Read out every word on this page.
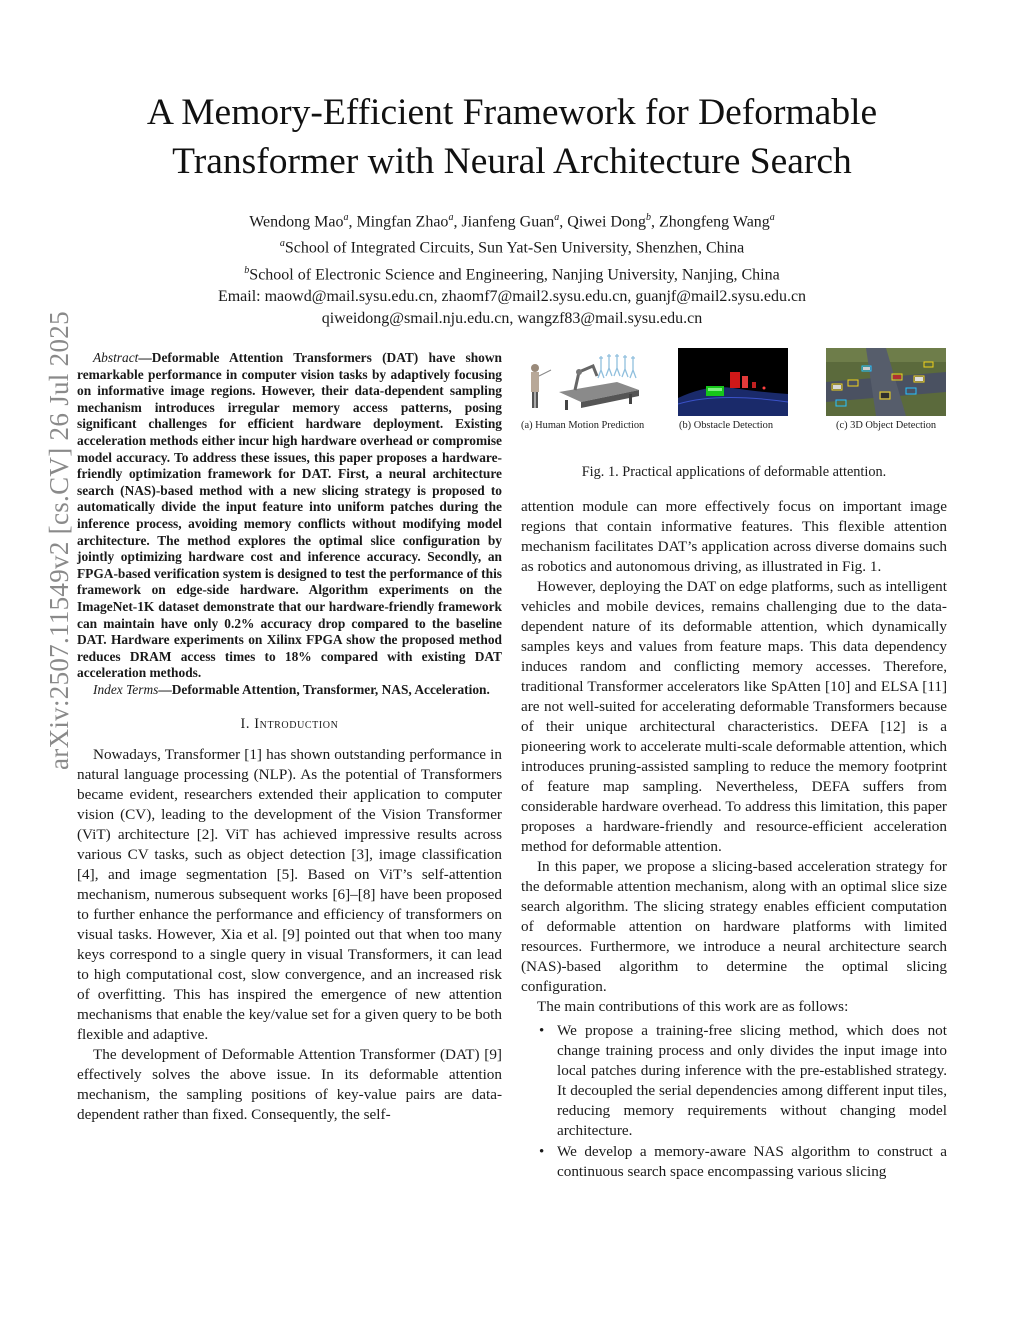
arXiv:2507.11549v2 [cs.CV] 26 Jul 2025
A Memory-Efficient Framework for Deformable
Transformer with Neural Architecture Search
Wendong Mao$^a$, Mingfan Zhao$^a$, Jianfeng Guan$^a$, Qiwei Dong$^b$, Zhongfeng Wang$^a$
$^a$School of Integrated Circuits, Sun Yat-Sen University, Shenzhen, China
$^b$School of Electronic Science and Engineering, Nanjing University, Nanjing, China
Email: maowd@mail.sysu.edu.cn, zhaomf7@mail2.sysu.edu.cn, guanjf@mail2.sysu.edu.cn
qiweidong@smail.nju.edu.cn, wangzf83@mail.sysu.edu.cn

Abstract—Deformable Attention Transformers (DAT) have shown remarkable performance in computer vision tasks by adaptively focusing on informative image regions. However, their data-dependent sampling mechanism introduces irregular memory access patterns, posing significant challenges for efficient hardware deployment. Existing acceleration methods either incur high hardware overhead or compromise model accuracy. To address these issues, this paper proposes a hardware-friendly optimization framework for DAT. First, a neural architecture search (NAS)-based method with a new slicing strategy is proposed to automatically divide the input feature into uniform patches during the inference process, avoiding memory conflicts without modifying model architecture. The method explores the optimal slice configuration by jointly optimizing hardware cost and inference accuracy. Secondly, an FPGA-based verification system is designed to test the performance of this framework on edge-side hardware. Algorithm experiments on the ImageNet-1K dataset demonstrate that our hardware-friendly framework can maintain have only 0.2% accuracy drop compared to the baseline DAT. Hardware experiments on Xilinx FPGA show the proposed method reduces DRAM access times to 18% compared with existing DAT acceleration methods.

Index Terms—Deformable Attention, Transformer, NAS, Acceleration.

I. Introduction

Nowadays, Transformer [1] has shown outstanding performance in natural language processing (NLP). As the potential of Transformers became evident, researchers extended their application to computer vision (CV), leading to the development of the Vision Transformer (ViT) architecture [2]. ViT has achieved impressive results across various CV tasks, such as object detection [3], image classification [4], and image segmentation [5]. Based on ViT’s self-attention mechanism, numerous subsequent works [6]–[8] have been proposed to further enhance the performance and efficiency of transformers on visual tasks. However, Xia et al. [9] pointed out that when too many keys correspond to a single query in visual Transformers, it can lead to high computational cost, slow convergence, and an increased risk of overfitting. This has inspired the emergence of new attention mechanisms that enable the key/value set for a given query to be both flexible and adaptive.

The development of Deformable Attention Transformer (DAT) [9] effectively solves the above issue. In its deformable attention mechanism, the sampling positions of key-value pairs are data-dependent rather than fixed. Consequently, the self-

(a) Human Motion Prediction	(b) Obstacle Detection	(c) 3D Object Detection
Fig. 1. Practical applications of deformable attention.

attention module can more effectively focus on important image regions that contain informative features. This flexible attention mechanism facilitates DAT’s application across diverse domains such as robotics and autonomous driving, as illustrated in Fig. 1.

However, deploying the DAT on edge platforms, such as intelligent vehicles and mobile devices, remains challenging due to the data-dependent nature of its deformable attention, which dynamically samples keys and values from feature maps. This data dependency induces random and conflicting memory accesses. Therefore, traditional Transformer accelerators like SpAtten [10] and ELSA [11] are not well-suited for accelerating deformable Transformers because of their unique architectural characteristics. DEFA [12] is a pioneering work to accelerate multi-scale deformable attention, which introduces pruning-assisted sampling to reduce the memory footprint of feature map sampling. Nevertheless, DEFA suffers from considerable hardware overhead. To address this limitation, this paper proposes a hardware-friendly and resource-efficient acceleration method for deformable attention.

In this paper, we propose a slicing-based acceleration strategy for the deformable attention mechanism, along with an optimal slice size search algorithm. The slicing strategy enables efficient computation of deformable attention on hardware platforms with limited resources. Furthermore, we introduce a neural architecture search (NAS)-based algorithm to determine the optimal slicing configuration.

The main contributions of this work are as follows:

• We propose a training-free slicing method, which does not change training process and only divides the input image into local patches during inference with the pre-established strategy. It decoupled the serial dependencies among different input tiles, reducing memory requirements without changing model architecture.
• We develop a memory-aware NAS algorithm to construct a continuous search space encompassing various slicing
